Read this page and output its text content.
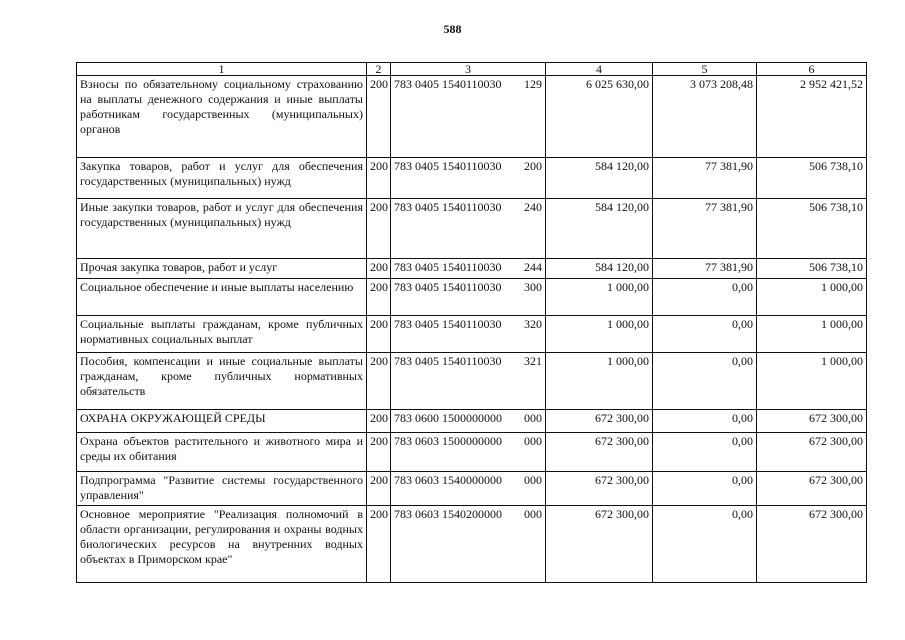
588
1	2	3	4	5	6
Взносы по обязательному социальному страхованию на выплаты денежного содержания и иные выплаты работникам государственных (муниципальных) органов	200	783 0405 1540110030 129	6 025 630,00	3 073 208,48	2 952 421,52
Закупка товаров, работ и услуг для обеспечения государственных (муниципальных) нужд	200	783 0405 1540110030 200	584 120,00	77 381,90	506 738,10
Иные закупки товаров, работ и услуг для обеспечения государственных (муниципальных) нужд	200	783 0405 1540110030 240	584 120,00	77 381,90	506 738,10
Прочая закупка товаров, работ и услуг	200	783 0405 1540110030 244	584 120,00	77 381,90	506 738,10
Социальное обеспечение и иные выплаты населению	200	783 0405 1540110030 300	1 000,00	0,00	1 000,00
Социальные выплаты гражданам, кроме публичных нормативных социальных выплат	200	783 0405 1540110030 320	1 000,00	0,00	1 000,00
Пособия, компенсации и иные социальные выплаты гражданам, кроме публичных нормативных обязательств	200	783 0405 1540110030 321	1 000,00	0,00	1 000,00
ОХРАНА ОКРУЖАЮЩЕЙ СРЕДЫ	200	783 0600 1500000000 000	672 300,00	0,00	672 300,00
Охрана объектов растительного и животного мира и среды их обитания	200	783 0603 1500000000 000	672 300,00	0,00	672 300,00
Подпрограмма "Развитие системы государственного управления"	200	783 0603 1540000000 000	672 300,00	0,00	672 300,00
Основное мероприятие "Реализация полномочий в области организации, регулирования и охраны водных биологических ресурсов на внутренних водных объектах в Приморском крае"	200	783 0603 1540200000 000	672 300,00	0,00	672 300,00
